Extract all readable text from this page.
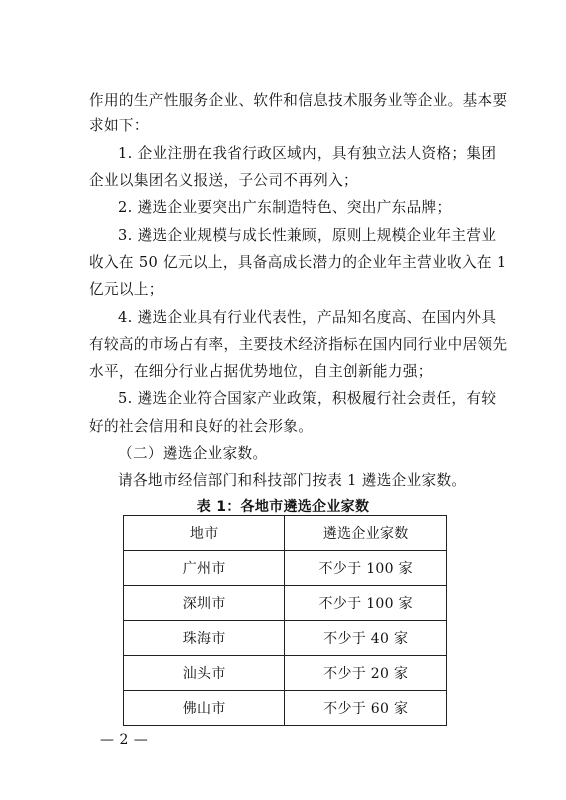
作用的生产性服务企业、软件和信息技术服务业等企业。基本要
求如下：
1. 企业注册在我省行政区域内，具有独立法人资格；集团
企业以集团名义报送，子公司不再列入；
2. 遴选企业要突出广东制造特色、突出广东品牌；
3. 遴选企业规模与成长性兼顾，原则上规模企业年主营业
收入在 50 亿元以上，具备高成长潜力的企业年主营业收入在 1
亿元以上；
4. 遴选企业具有行业代表性，产品知名度高、在国内外具
有较高的市场占有率，主要技术经济指标在国内同行业中居领先
水平，在细分行业占据优势地位，自主创新能力强；
5. 遴选企业符合国家产业政策，积极履行社会责任，有较
好的社会信用和良好的社会形象。
（二）遴选企业家数。
请各地市经信部门和科技部门按表 1 遴选企业家数。
表 1：各地市遴选企业家数
地市	遴选企业家数
广州市	不少于 100 家
深圳市	不少于 100 家
珠海市	不少于 40 家
汕头市	不少于 20 家
佛山市	不少于 60 家
— 2 —
